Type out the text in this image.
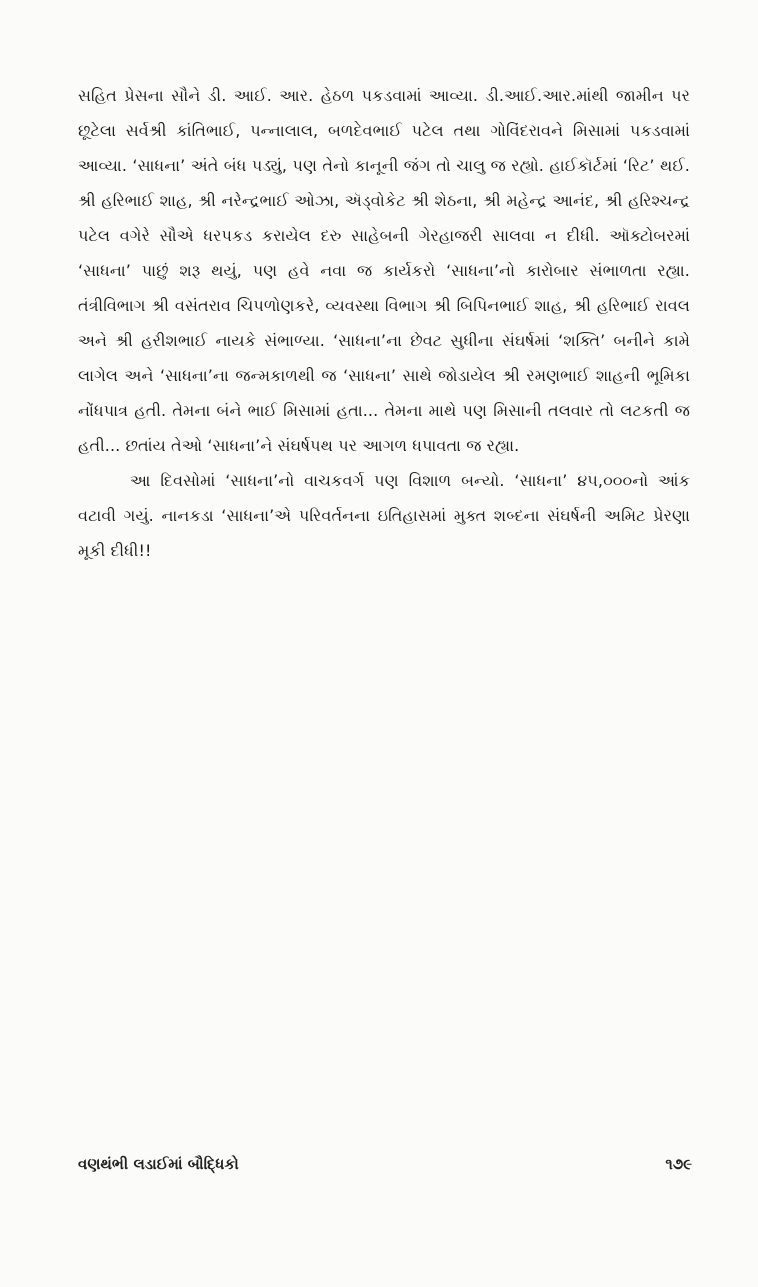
સહિત પ્રેસના સૌને ડી. આઈ. આર. હેઠળ પકડવામાં આવ્યા. ડી.આઈ.આર.માંથી જામીન પર છૂટેલા સર્વશ્રી કાંતિભાઈ, પન્નાલાલ, બળદેવભાઈ પટેલ તથા ગોવિંદરાવને મિસામાં પકડવામાં આવ્યા. ‘સાધના’ અંતે બંધ પડ્યું, પણ તેનો કાનૂની જંગ તો ચાલુ જ રહ્યો. હાઈકૉર્ટમાં ‘રિટ’ થઈ. શ્રી હરિભાઈ શાહ, શ્રી નરેન્દ્રભાઈ ઓઝા, ઍડ્વોકેટ શ્રી શેઠના, શ્રી મહેન્દ્ર આનંદ, શ્રી હરિશ્ચન્દ્ર પટેલ વગેરે સૌએ ધરપકડ કરાયેલ દરુ સાહેબની ગેરહાજરી સાલવા ન દીધી. ઑક્ટોબરમાં ‘સાધના’ પાછું શરૂ થયું, પણ હવે નવા જ કાર્યકરો ‘સાધના’નો કારોબાર સંભાળતા રહ્યા. તંત્રીવિભાગ શ્રી વસંતરાવ ચિપળોણકરે, વ્યવસ્થા વિભાગ શ્રી બિપિનભાઈ શાહ, શ્રી હરિભાઈ રાવલ અને શ્રી હરીશભાઈ નાયકે સંભાળ્યા. ‘સાધના’ના છેવટ સુધીના સંઘર્ષમાં ‘શક્તિ’ બનીને કામે લાગેલ અને ‘સાધના’ના જન્મકાળથી જ ‘સાધના’ સાથે જોડાયેલ શ્રી રમણભાઈ શાહની ભૂમિકા નોંધપાત્ર હતી. તેમના બંને ભાઈ મિસામાં હતા... તેમના માથે પણ મિસાની તલવાર તો લટકતી જ હતી... છતાંય તેઓ ‘સાધના’ને સંઘર્ષપથ પર આગળ ધપાવતા જ રહ્યા.

આ દિવસોમાં ‘સાધના’નો વાચકવર્ગ પણ વિશાળ બન્યો. ‘સાધના’ ૪૫,૦૦૦નો આંક વટાવી ગયું. નાનકડા ‘સાધના’એ પરિવર્તનના ઇતિહાસમાં મુક્ત શબ્દના સંઘર્ષની અમિટ પ્રેરણા મૂકી દીધી!!

વણથંભી લડાઈમાં બૌદ્ધિકો	૧૭૯
